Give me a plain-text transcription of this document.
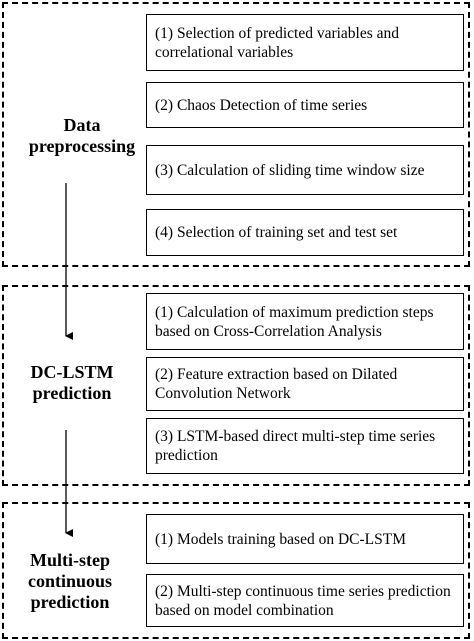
Data
preprocessing
(1) Selection of predicted variables and
correlational variables
(2) Chaos Detection of time series
(3) Calculation of sliding time window size
(4) Selection of training set and test set
DC-LSTM
prediction
(1) Calculation of maximum prediction steps
based on Cross-Correlation Analysis
(2) Feature extraction based on Dilated
Convolution Network
(3) LSTM-based direct multi-step time series
prediction
Multi-step
continuous
prediction
(1) Models training based on DC-LSTM
(2) Multi-step continuous time series prediction
based on model combination
